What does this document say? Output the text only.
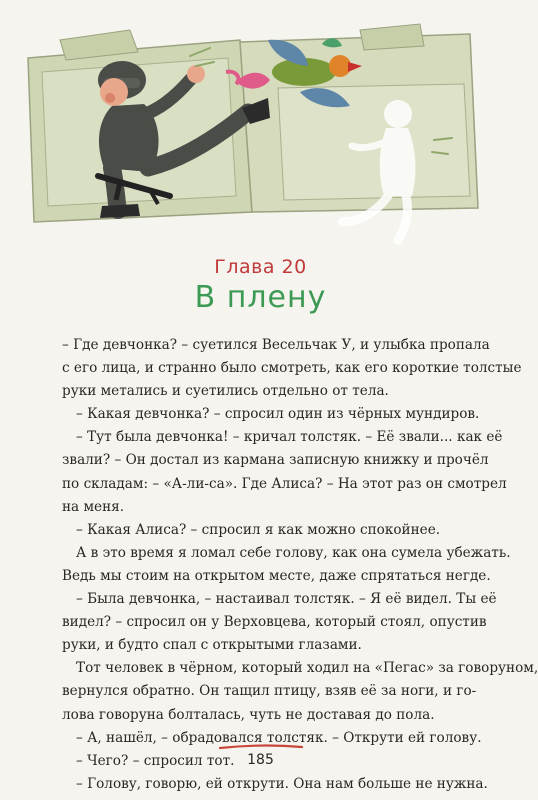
Глава 20
В плену
– Где девчонка? – суетился Весельчак У, и улыбка пропала
с его лица, и странно было смотреть, как его короткие толстые
руки метались и суетились отдельно от тела.
– Какая девчонка? – спросил один из чёрных мундиров.
– Тут была девчонка! – кричал толстяк. – Её звали... как её
звали? – Он достал из кармана записную книжку и прочёл
по складам: – «А-ли-са». Где Алиса? – На этот раз он смотрел
на меня.
– Какая Алиса? – спросил я как можно спокойнее.
А в это время я ломал себе голову, как она сумела убежать.
Ведь мы стоим на открытом месте, даже спрятаться негде.
– Была девчонка, – настаивал толстяк. – Я её видел. Ты её
видел? – спросил он у Верховцева, который стоял, опустив
руки, и будто спал с открытыми глазами.
Тот человек в чёрном, который ходил на «Пегас» за говоруном,
вернулся обратно. Он тащил птицу, взяв её за ноги, и го-
лова говоруна болталась, чуть не доставая до пола.
– А, нашёл, – обрадовался толстяк. – Открути ей голову.
– Чего? – спросил тот.
– Голову, говорю, ей открути. Она нам больше не нужна.
185
